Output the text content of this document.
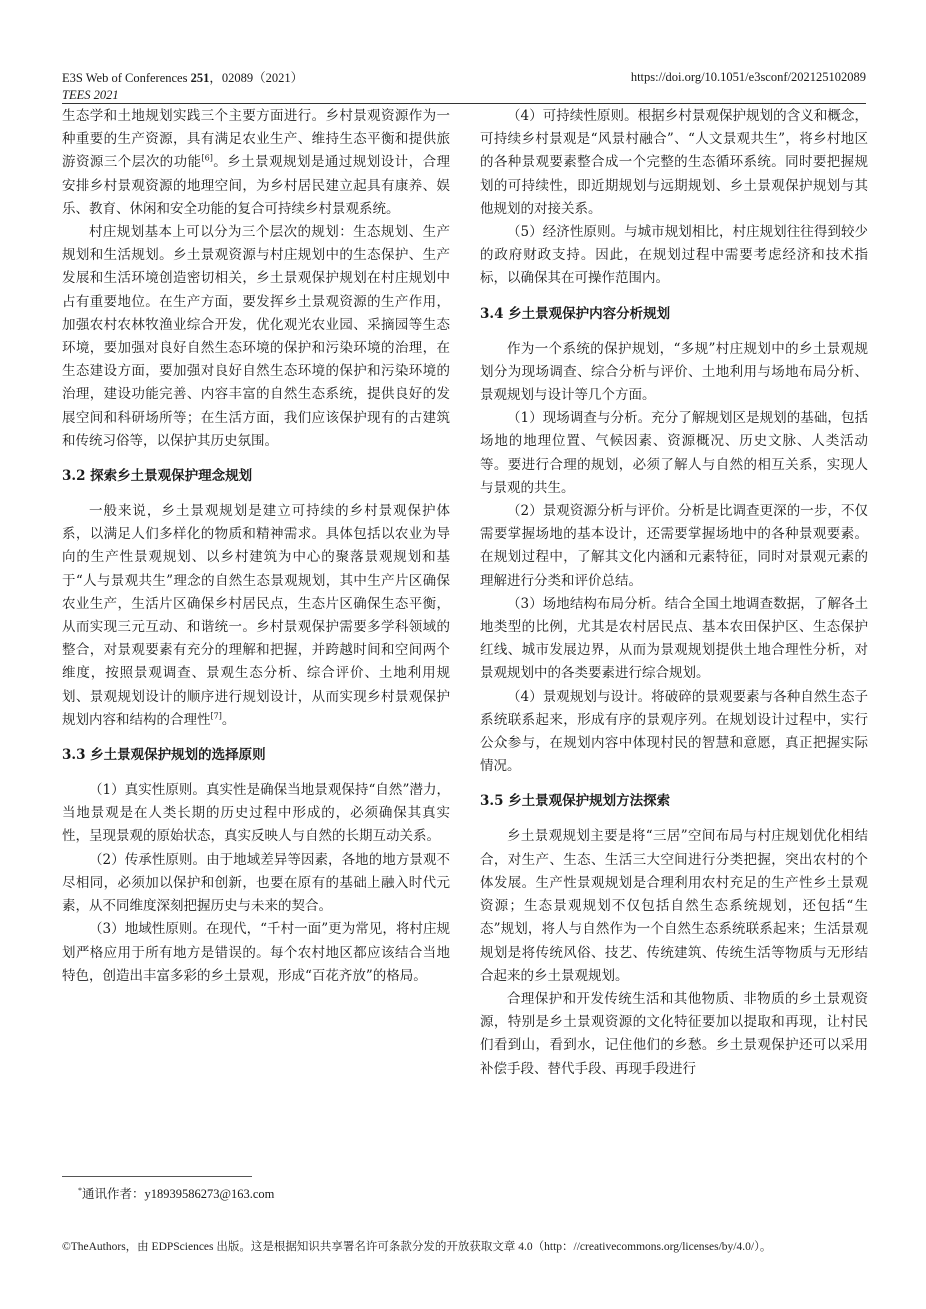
E3S Web of Conferences 251，02089（2021）
TEES 2021
https://doi.org/10.1051/e3sconf/202125102089

生态学和土地规划实践三个主要方面进行。乡村景观资源作为一种重要的生产资源，具有满足农业生产、维持生态平衡和提供旅游资源三个层次的功能[6]。乡土景观规划是通过规划设计，合理安排乡村景观资源的地理空间，为乡村居民建立起具有康养、娱乐、教育、休闲和安全功能的复合可持续乡村景观系统。

村庄规划基本上可以分为三个层次的规划：生态规划、生产规划和生活规划。乡土景观资源与村庄规划中的生态保护、生产发展和生活环境创造密切相关，乡土景观保护规划在村庄规划中占有重要地位。在生产方面，要发挥乡土景观资源的生产作用，加强农村农林牧渔业综合开发，优化观光农业园、采摘园等生态环境，要加强对良好自然生态环境的保护和污染环境的治理，在生态建设方面，要加强对良好自然生态环境的保护和污染环境的治理，建设功能完善、内容丰富的自然生态系统，提供良好的发展空间和科研场所等；在生活方面，我们应该保护现有的古建筑和传统习俗等，以保护其历史氛围。

3.2 探索乡土景观保护理念规划

一般来说，乡土景观规划是建立可持续的乡村景观保护体系，以满足人们多样化的物质和精神需求。具体包括以农业为导向的生产性景观规划、以乡村建筑为中心的聚落景观规划和基于“人与景观共生”理念的自然生态景观规划，其中生产片区确保农业生产，生活片区确保乡村居民点，生态片区确保生态平衡，从而实现三元互动、和谐统一。乡村景观保护需要多学科领域的整合，对景观要素有充分的理解和把握，并跨越时间和空间两个维度，按照景观调查、景观生态分析、综合评价、土地利用规划、景观规划设计的顺序进行规划设计，从而实现乡村景观保护规划内容和结构的合理性[7]。

3.3 乡土景观保护规划的选择原则

（1）真实性原则。真实性是确保当地景观保持“自然”潜力，当地景观是在人类长期的历史过程中形成的，必须确保其真实性，呈现景观的原始状态，真实反映人与自然的长期互动关系。

（2）传承性原则。由于地域差异等因素，各地的地方景观不尽相同，必须加以保护和创新，也要在原有的基础上融入时代元素，从不同维度深刻把握历史与未来的契合。

（3）地域性原则。在现代，“千村一面”更为常见，将村庄规划严格应用于所有地方是错误的。每个农村地区都应该结合当地特色，创造出丰富多彩的乡土景观，形成“百花齐放”的格局。

（4）可持续性原则。根据乡村景观保护规划的含义和概念，可持续乡村景观是“风景村融合”、“人文景观共生”，将乡村地区的各种景观要素整合成一个完整的生态循环系统。同时要把握规划的可持续性，即近期规划与远期规划、乡土景观保护规划与其他规划的对接关系。

（5）经济性原则。与城市规划相比，村庄规划往往得到较少的政府财政支持。因此，在规划过程中需要考虑经济和技术指标，以确保其在可操作范围内。

3.4 乡土景观保护内容分析规划

作为一个系统的保护规划，“多规”村庄规划中的乡土景观规划分为现场调查、综合分析与评价、土地利用与场地布局分析、景观规划与设计等几个方面。

（1）现场调查与分析。充分了解规划区是规划的基础，包括场地的地理位置、气候因素、资源概况、历史文脉、人类活动等。要进行合理的规划，必须了解人与自然的相互关系，实现人与景观的共生。

（2）景观资源分析与评价。分析是比调查更深的一步，不仅需要掌握场地的基本设计，还需要掌握场地中的各种景观要素。在规划过程中，了解其文化内涵和元素特征，同时对景观元素的理解进行分类和评价总结。

（3）场地结构布局分析。结合全国土地调查数据，了解各土地类型的比例，尤其是农村居民点、基本农田保护区、生态保护红线、城市发展边界，从而为景观规划提供土地合理性分析，对景观规划中的各类要素进行综合规划。

（4）景观规划与设计。将破碎的景观要素与各种自然生态子系统联系起来，形成有序的景观序列。在规划设计过程中，实行公众参与，在规划内容中体现村民的智慧和意愿，真正把握实际情况。

3.5 乡土景观保护规划方法探索

乡土景观规划主要是将“三居”空间布局与村庄规划优化相结合，对生产、生态、生活三大空间进行分类把握，突出农村的个体发展。生产性景观规划是合理利用农村充足的生产性乡土景观资源；生态景观规划不仅包括自然生态系统规划，还包括“生态”规划，将人与自然作为一个自然生态系统联系起来；生活景观规划是将传统风俗、技艺、传统建筑、传统生活等物质与无形结合起来的乡土景观规划。

合理保护和开发传统生活和其他物质、非物质的乡土景观资源，特别是乡土景观资源的文化特征要加以提取和再现，让村民们看到山，看到水，记住他们的乡愁。乡土景观保护还可以采用补偿手段、替代手段、再现手段进行

*通讯作者：y18939586273@163.com
©TheAuthors，由 EDPSciences 出版。这是根据知识共享署名许可条款分发的开放获取文章 4.0（http：//creativecommons.org/licenses/by/4.0/）。
